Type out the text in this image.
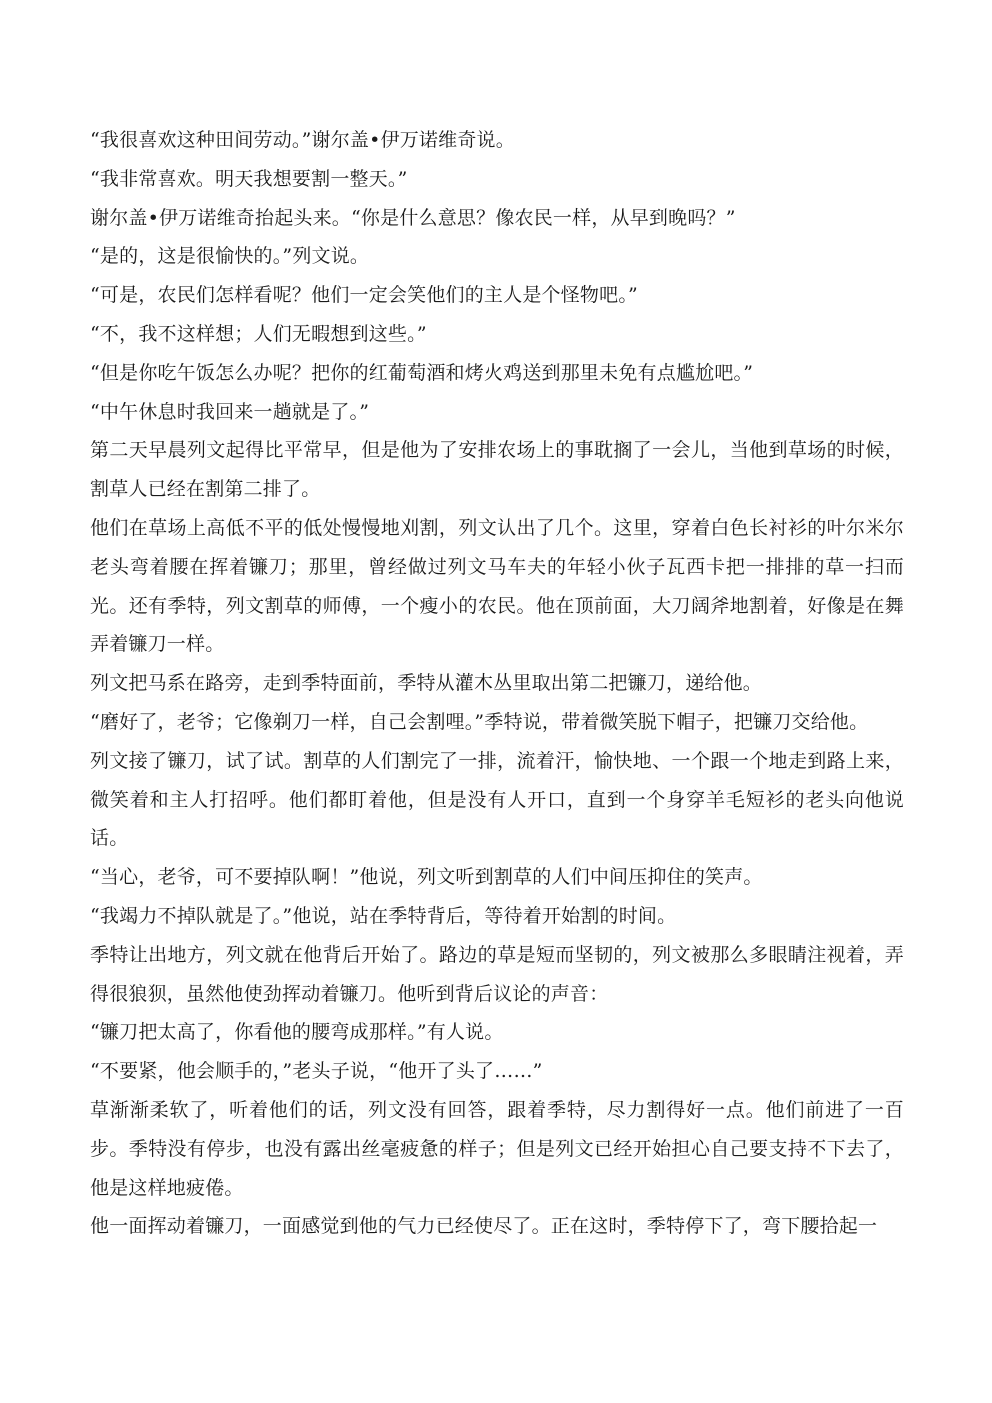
“我很喜欢这种田间劳动。”谢尔盖•伊万诺维奇说。

“我非常喜欢。明天我想要割一整天。”

谢尔盖•伊万诺维奇抬起头来。“你是什么意思？像农民一样，从早到晚吗？”

“是的，这是很愉快的。”列文说。

“可是，农民们怎样看呢？他们一定会笑他们的主人是个怪物吧。”

“不，我不这样想；人们无暇想到这些。”

“但是你吃午饭怎么办呢？把你的红葡萄酒和烤火鸡送到那里未免有点尴尬吧。”

“中午休息时我回来一趟就是了。”

第二天早晨列文起得比平常早，但是他为了安排农场上的事耽搁了一会儿，当他到草场的时候，割草人已经在割第二排了。

他们在草场上高低不平的低处慢慢地刈割，列文认出了几个。这里，穿着白色长衬衫的叶尔米尔老头弯着腰在挥着镰刀；那里，曾经做过列文马车夫的年轻小伙子瓦西卡把一排排的草一扫而光。还有季特，列文割草的师傅，一个瘦小的农民。他在顶前面，大刀阔斧地割着，好像是在舞弄着镰刀一样。

列文把马系在路旁，走到季特面前，季特从灌木丛里取出第二把镰刀，递给他。

“磨好了，老爷；它像剃刀一样，自己会割哩。”季特说，带着微笑脱下帽子，把镰刀交给他。

列文接了镰刀，试了试。割草的人们割完了一排，流着汗，愉快地、一个跟一个地走到路上来，微笑着和主人打招呼。他们都盯着他，但是没有人开口，直到一个身穿羊毛短衫的老头向他说话。

“当心，老爷，可不要掉队啊！”他说，列文听到割草的人们中间压抑住的笑声。

“我竭力不掉队就是了。”他说，站在季特背后，等待着开始割的时间。

季特让出地方，列文就在他背后开始了。路边的草是短而坚韧的，列文被那么多眼睛注视着，弄得很狼狈，虽然他使劲挥动着镰刀。他听到背后议论的声音：

“镰刀把太高了，你看他的腰弯成那样。”有人说。

“不要紧，他会顺手的，”老头子说，“他开了头了……”

草渐渐柔软了，听着他们的话，列文没有回答，跟着季特，尽力割得好一点。他们前进了一百步。季特没有停步，也没有露出丝毫疲惫的样子；但是列文已经开始担心自己要支持不下去了，他是这样地疲倦。

他一面挥动着镰刀，一面感觉到他的气力已经使尽了。正在这时，季特停下了，弯下腰拾起一
